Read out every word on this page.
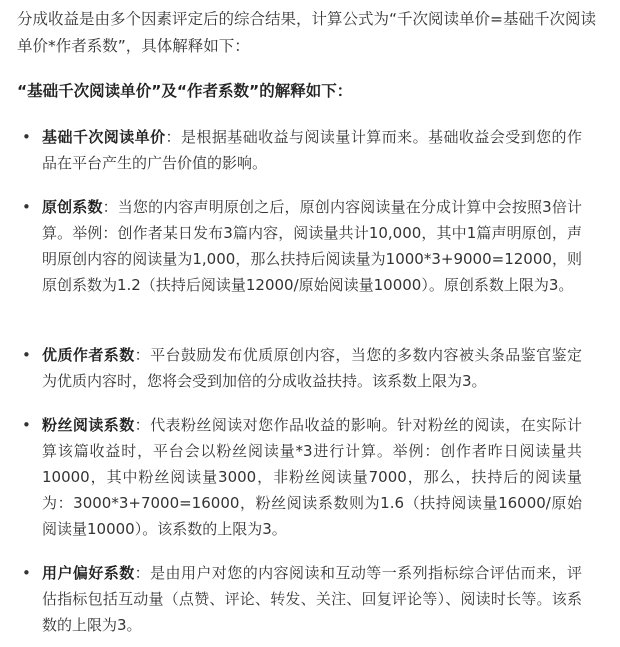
分成收益是由多个因素评定后的综合结果，计算公式为“千次阅读单价=基础千次阅读单价*作者系数”，具体解释如下：

“基础千次阅读单价”及“作者系数”的解释如下：

• 基础千次阅读单价：是根据基础收益与阅读量计算而来。基础收益会受到您的作品在平台产生的广告价值的影响。

• 原创系数：当您的内容声明原创之后，原创内容阅读量在分成计算中会按照3倍计算。举例：创作者某日发布3篇内容，阅读量共计10,000，其中1篇声明原创，声明原创内容的阅读量为1,000，那么扶持后阅读量为1000*3+9000=12000，则原创系数为1.2（扶持后阅读量12000/原始阅读量10000）。原创系数上限为3。

• 优质作者系数：平台鼓励发布优质原创内容，当您的多数内容被头条品鉴官鉴定为优质内容时，您将会受到加倍的分成收益扶持。该系数上限为3。

• 粉丝阅读系数：代表粉丝阅读对您作品收益的影响。针对粉丝的阅读，在实际计算该篇收益时，平台会以粉丝阅读量*3进行计算。举例：创作者昨日阅读量共10000，其中粉丝阅读量3000，非粉丝阅读量7000，那么，扶持后的阅读量为：3000*3+7000=16000，粉丝阅读系数则为1.6（扶持阅读量16000/原始阅读量10000）。该系数的上限为3。

• 用户偏好系数：是由用户对您的内容阅读和互动等一系列指标综合评估而来，评估指标包括互动量（点赞、评论、转发、关注、回复评论等）、阅读时长等。该系数的上限为3。
